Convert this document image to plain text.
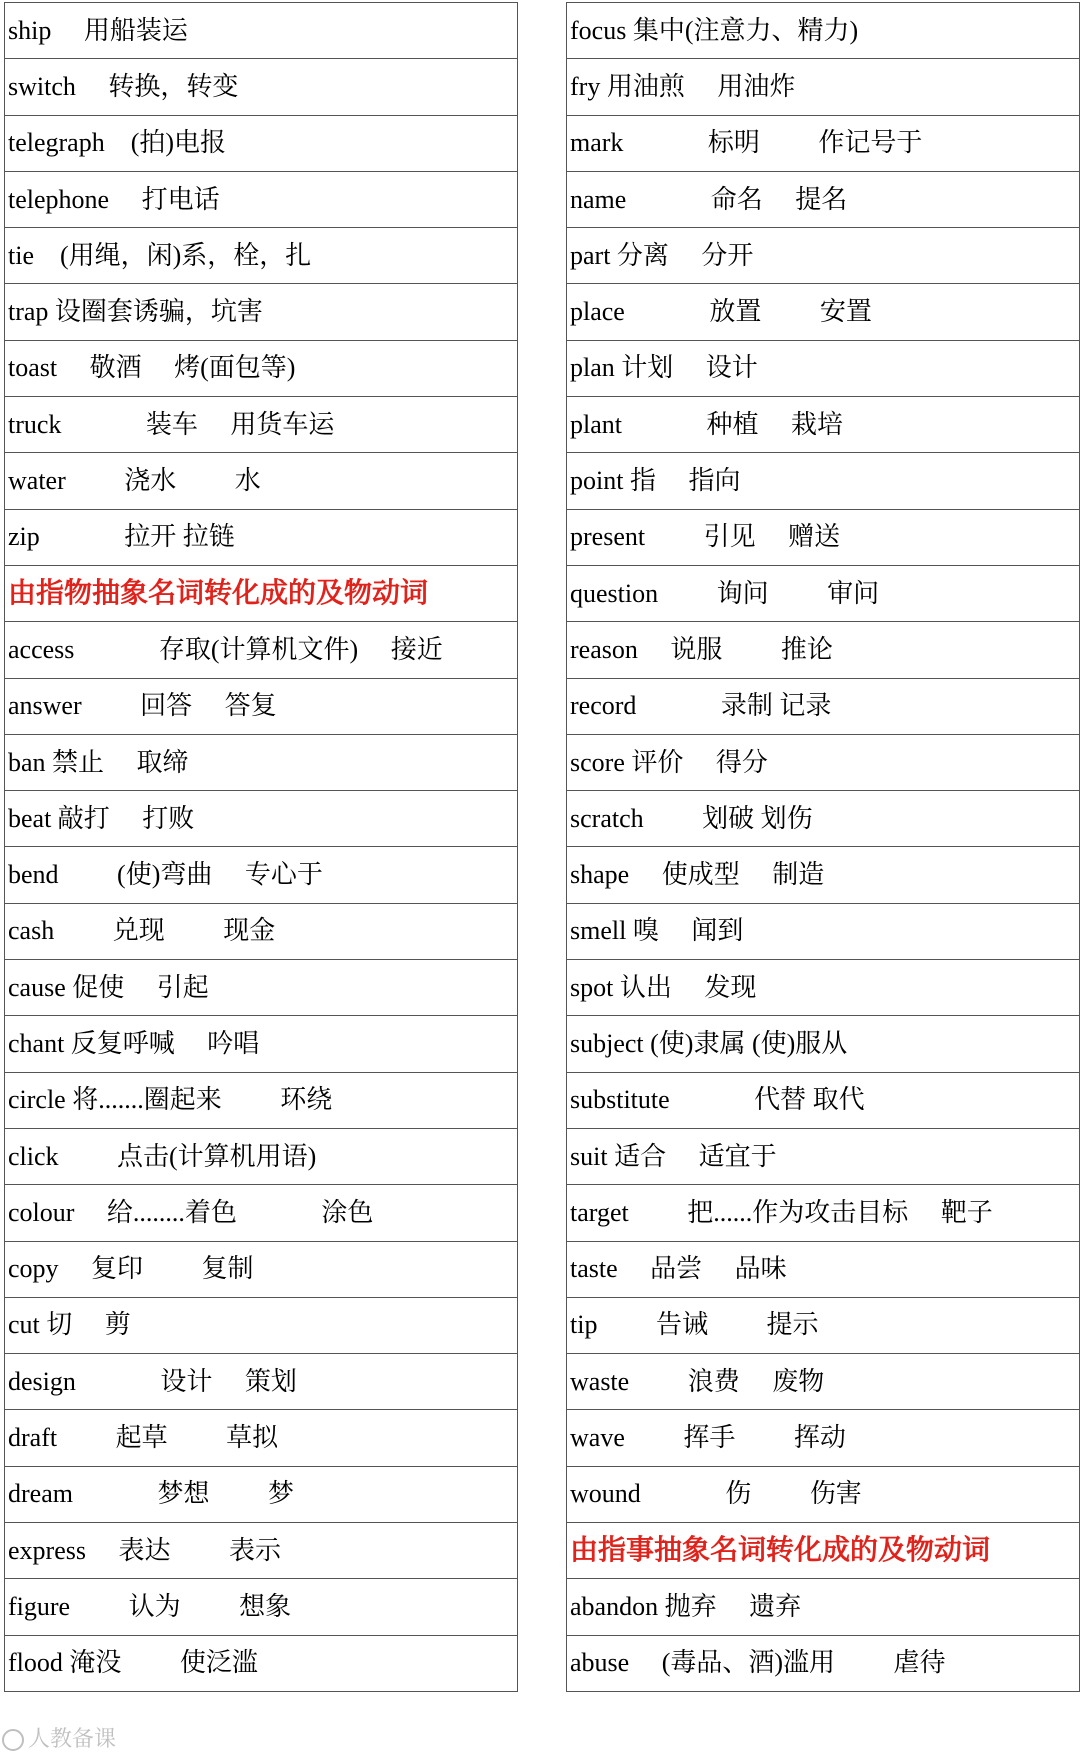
ship　 用船装运
switch　 转换，转变
telegraph　(拍)电报
telephone　 打电话
tie　(用绳，闲)系，栓，扎
trap 设圈套诱骗，坑害
toast　 敬酒　 烤(面包等)
truck　　　 装车　 用货车运
water　　 浇水　　 水
zip　　　 拉开 拉链
由指物抽象名词转化成的及物动词
access　　　 存取(计算机文件)　 接近
answer　　 回答　 答复
ban 禁止　 取缔
beat 敲打　 打败
bend　　 (使)弯曲　 专心于
cash　　 兑现　　 现金
cause 促使　 引起
chant 反复呼喊　 吟唱
circle 将.......圈起来　　 环绕
click　　 点击(计算机用语)
colour　 给........着色　　　 涂色
copy　 复印　　 复制
cut 切　 剪
design　　　 设计　 策划
draft　　 起草　　 草拟
dream　　　 梦想　　 梦
express　 表达　　 表示
figure　　 认为　　 想象
flood 淹没　　 使泛滥
focus 集中(注意力、精力)
fry 用油煎　 用油炸
mark　　　 标明　　 作记号于
name　　　 命名　 提名
part 分离　 分开
place　　　 放置　　 安置
plan 计划　 设计
plant　　　 种植　 栽培
point 指　 指向
present　　 引见　 赠送
question　　 询问　　 审问
reason　 说服　　 推论
record　　　 录制 记录
score 评价　 得分
scratch　　 划破 划伤
shape　 使成型　 制造
smell 嗅　 闻到
spot 认出　 发现
subject (使)隶属 (使)服从
substitute　　　 代替 取代
suit 适合　 适宜于
target　　 把......作为攻击目标　 靶子
taste　 品尝　 品味
tip　　 告诫　　 提示
waste　　 浪费　 废物
wave　　 挥手　　 挥动
wound　　　 伤　　 伤害
由指事抽象名词转化成的及物动词
abandon 抛弃　 遗弃
abuse　 (毒品、酒)滥用　　 虐待
人教备课
